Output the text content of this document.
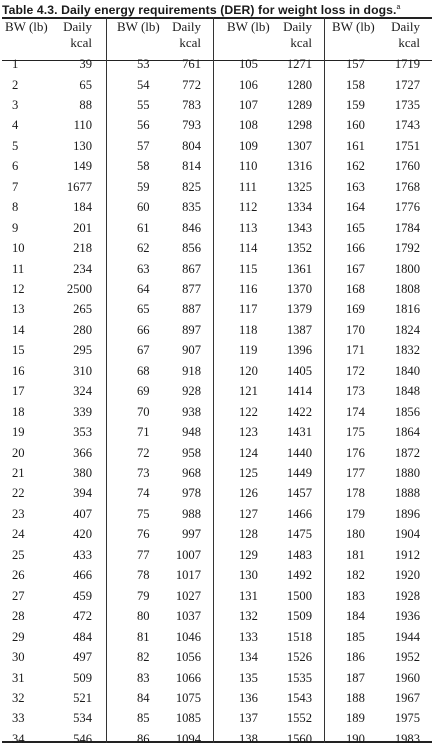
Table 4.3. Daily energy requirements (DER) for weight loss in dogs.$^a$
BW (lb)	Daily
kcal
BW (lb) Daily
kcal
BW (lb)	Daily
kcal
BW (lb)	Daily
kcal
1	39	53	761	105	1271	157	1719
2	65	54	772	106	1280	158	1727
3	88	55	783	107	1289	159	1735
4	110	56	793	108	1298	160	1743
5	130	57	804	109	1307	161	1751
6	149	58	814	110	1316	162	1760
7	1677	59	825	111	1325	163	1768
8	184	60	835	112	1334	164	1776
9	201	61	846	113	1343	165	1784
10	218	62	856	114	1352	166	1792
11	234	63	867	115	1361	167	1800
12	2500	64	877	116	1370	168	1808
13	265	65	887	117	1379	169	1816
14	280	66	897	118	1387	170	1824
15	295	67	907	119	1396	171	1832
16	310	68	918	120	1405	172	1840
17	324	69	928	121	1414	173	1848
18	339	70	938	122	1422	174	1856
19	353	71	948	123	1431	175	1864
20	366	72	958	124	1440	176	1872
21	380	73	968	125	1449	177	1880
22	394	74	978	126	1457	178	1888
23	407	75	988	127	1466	179	1896
24	420	76	997	128	1475	180	1904
25	433	77	1007	129	1483	181	1912
26	466	78	1017	130	1492	182	1920
27	459	79	1027	131	1500	183	1928
28	472	80	1037	132	1509	184	1936
29	484	81	1046	133	1518	185	1944
30	497	82	1056	134	1526	186	1952
31	509	83	1066	135	1535	187	1960
32	521	84	1075	136	1543	188	1967
33	534	85	1085	137	1552	189	1975
34	546	86	1094	138	1560	190	1983
